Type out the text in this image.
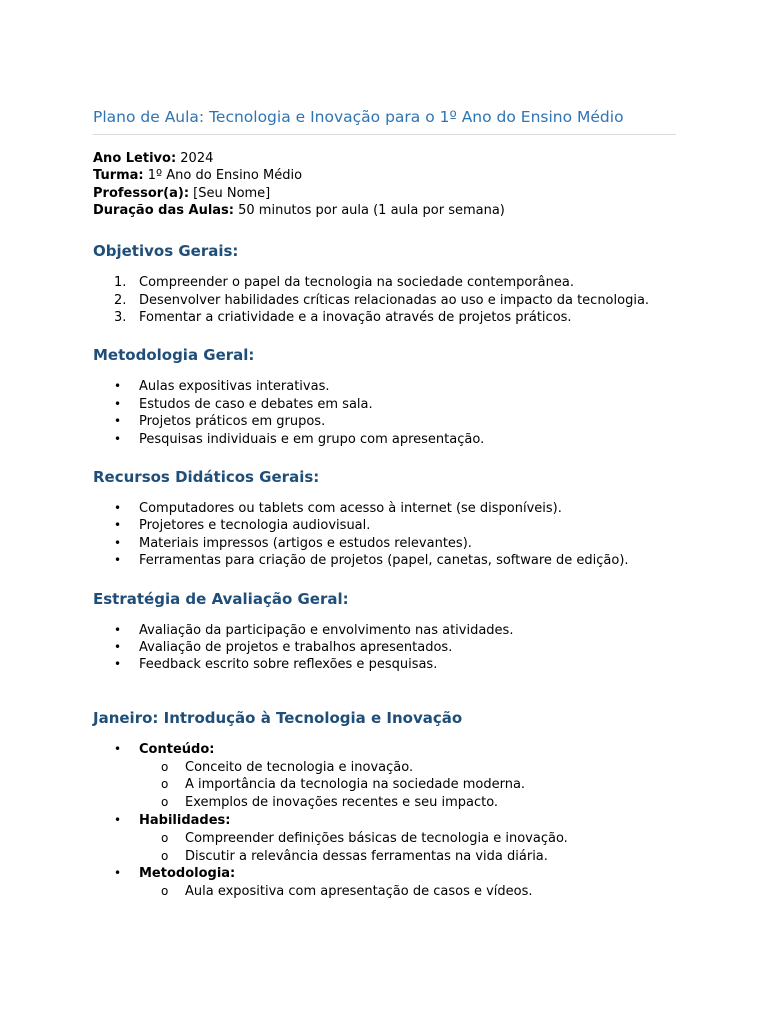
Plano de Aula: Tecnologia e Inovação para o 1º Ano do Ensino Médio
Ano Letivo: 2024
Turma: 1º Ano do Ensino Médio
Professor(a): [Seu Nome]
Duração das Aulas: 50 minutos por aula (1 aula por semana)
Objetivos Gerais:
1. Compreender o papel da tecnologia na sociedade contemporânea.
2. Desenvolver habilidades críticas relacionadas ao uso e impacto da tecnologia.
3. Fomentar a criatividade e a inovação através de projetos práticos.
Metodologia Geral:
• Aulas expositivas interativas.
• Estudos de caso e debates em sala.
• Projetos práticos em grupos.
• Pesquisas individuais e em grupo com apresentação.
Recursos Didáticos Gerais:
• Computadores ou tablets com acesso à internet (se disponíveis).
• Projetores e tecnologia audiovisual.
• Materiais impressos (artigos e estudos relevantes).
• Ferramentas para criação de projetos (papel, canetas, software de edição).
Estratégia de Avaliação Geral:
• Avaliação da participação e envolvimento nas atividades.
• Avaliação de projetos e trabalhos apresentados.
• Feedback escrito sobre reflexões e pesquisas.
Janeiro: Introdução à Tecnologia e Inovação
• Conteúdo:
o Conceito de tecnologia e inovação.
o A importância da tecnologia na sociedade moderna.
o Exemplos de inovações recentes e seu impacto.
• Habilidades:
o Compreender definições básicas de tecnologia e inovação.
o Discutir a relevância dessas ferramentas na vida diária.
• Metodologia:
o Aula expositiva com apresentação de casos e vídeos.
